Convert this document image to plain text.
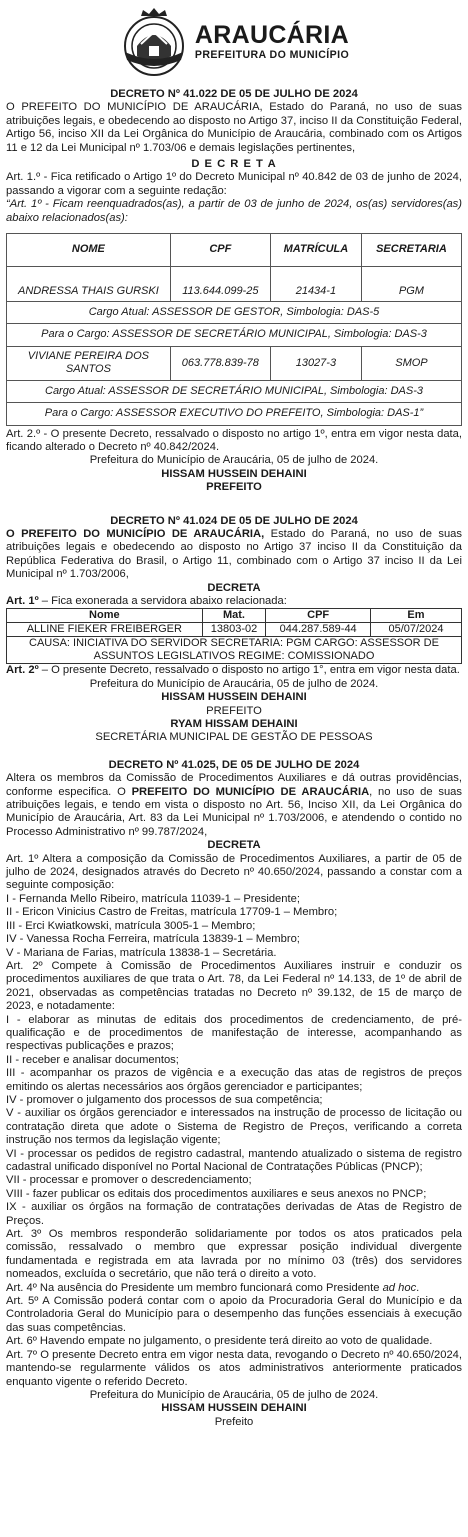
ARAUCÁRIA
PREFEITURA DO MUNICÍPIO
DECRETO Nº 41.022 DE 05 DE JULHO DE 2024

O PREFEITO DO MUNICÍPIO DE ARAUCÁRIA, Estado do Paraná, no uso de suas atribuições legais, e obedecendo ao disposto no Artigo 37, inciso II da Constituição Federal, Artigo 56, inciso XII da Lei Orgânica do Município de Araucária, combinado com os Artigos 11 e 12 da Lei Municipal nº 1.703/06 e demais legislações pertinentes,

D E C R E T A

Art. 1.º - Fica retificado o Artigo 1º do Decreto Municipal nº 40.842 de 03 de junho de 2024, passando a vigorar com a seguinte redação:

“Art. 1º - Ficam reenquadrados(as), a partir de 03 de junho de 2024, os(as) servidores(as) abaixo relacionados(as):

NOME	CPF	MATRÍCULA	SECRETARIA
ANDRESSA THAIS GURSKI	113.644.099-25	21434-1	PGM
Cargo Atual: ASSESSOR DE GESTOR, Simbologia: DAS-5			
Para o Cargo: ASSESSOR DE SECRETÁRIO MUNICIPAL, Simbologia: DAS-3			
VIVIANE PEREIRA DOS SANTOS	063.778.839-78	13027-3	SMOP
Cargo Atual: ASSESSOR DE SECRETÁRIO MUNICIPAL, Simbologia: DAS-3			
Para o Cargo: ASSESSOR EXECUTIVO DO PREFEITO, Simbologia: DAS-1”			

Art. 2.º - O presente Decreto, ressalvado o disposto no artigo 1º, entra em vigor nesta data, ficando alterado o Decreto nº 40.842/2024.

Prefeitura do Município de Araucária, 05 de julho de 2024.
HISSAM HUSSEIN DEHAINI
PREFEITO
DECRETO Nº 41.024 DE 05 DE JULHO DE 2024

O PREFEITO DO MUNICÍPIO DE ARAUCÁRIA, Estado do Paraná, no uso de suas atribuições legais e obedecendo ao disposto no Artigo 37 inciso II da Constituição da República Federativa do Brasil, o Artigo 11, combinado com o Artigo 37 inciso II da Lei Municipal nº 1.703/2006,

DECRETA

Art. 1º – Fica exonerada a servidora abaixo relacionada:

Nome	Mat.	CPF	Em
ALLINE FIEKER FREIBERGER	13803-02	044.287.589-44	05/07/2024
CAUSA: INICIATIVA DO SERVIDOR SECRETARIA: PGM CARGO: ASSESSOR DE ASSUNTOS LEGISLATIVOS REGIME: COMISSIONADO			

Art. 2º – O presente Decreto, ressalvado o disposto no artigo 1°, entra em vigor nesta data.

Prefeitura do Município de Araucária, 05 de julho de 2024.
HISSAM HUSSEIN DEHAINI
PREFEITO
RYAM HISSAM DEHAINI
SECRETÁRIA MUNICIPAL DE GESTÃO DE PESSOAS
DECRETO Nº 41.025, DE 05 DE JULHO DE 2024

Altera os membros da Comissão de Procedimentos Auxiliares e dá outras providências, conforme especifica. O PREFEITO DO MUNICÍPIO DE ARAUCÁRIA, no uso de suas atribuições legais, e tendo em vista o disposto no Art. 56, Inciso XII, da Lei Orgânica do Município de Araucária, Art. 83 da Lei Municipal nº 1.703/2006, e atendendo o contido no Processo Administrativo nº 99.787/2024,

DECRETA

Art. 1º Altera a composição da Comissão de Procedimentos Auxiliares, a partir de 05 de julho de 2024, designados através do Decreto nº 40.650/2024, passando a constar com a seguinte composição:

I - Fernanda Mello Ribeiro, matrícula 11039-1 – Presidente;

II - Ericon Vinicius Castro de Freitas, matrícula 17709-1 – Membro;

III - Erci Kwiatkowski, matrícula 3005-1 – Membro;

IV - Vanessa Rocha Ferreira, matrícula 13839-1 – Membro;

V - Mariana de Farias, matrícula 13838-1 – Secretária.

Art. 2º Compete à Comissão de Procedimentos Auxiliares instruir e conduzir os procedimentos auxiliares de que trata o Art. 78, da Lei Federal nº 14.133, de 1º de abril de 2021, observadas as competências tratadas no Decreto nº 39.132, de 15 de março de 2023, e notadamente:

I - elaborar as minutas de editais dos procedimentos de credenciamento, de pré-qualificação e de procedimentos de manifestação de interesse, acompanhando as respectivas publicações e prazos;

II - receber e analisar documentos;

III - acompanhar os prazos de vigência e a execução das atas de registros de preços emitindo os alertas necessários aos órgãos gerenciador e participantes;

IV - promover o julgamento dos processos de sua competência;

V - auxiliar os órgãos gerenciador e interessados na instrução de processo de licitação ou contratação direta que adote o Sistema de Registro de Preços, verificando a correta instrução nos termos da legislação vigente;

VI - processar os pedidos de registro cadastral, mantendo atualizado o sistema de registro cadastral unificado disponível no Portal Nacional de Contratações Públicas (PNCP);

VII - processar e promover o descredenciamento;

VIII - fazer publicar os editais dos procedimentos auxiliares e seus anexos no PNCP;

IX - auxiliar os órgãos na formação de contratações derivadas de Atas de Registro de Preços.

Art. 3º Os membros responderão solidariamente por todos os atos praticados pela comissão, ressalvado o membro que expressar posição individual divergente fundamentada e registrada em ata lavrada por no mínimo 03 (três) dos servidores nomeados, excluída o secretário, que não terá o direito a voto.

Art. 4º Na ausência do Presidente um membro funcionará como Presidente ad hoc.

Art. 5º A Comissão poderá contar com o apoio da Procuradoria Geral do Município e da Controladoria Geral do Município para o desempenho das funções essenciais à execução das suas competências.

Art. 6º Havendo empate no julgamento, o presidente terá direito ao voto de qualidade.

Art. 7º O presente Decreto entra em vigor nesta data, revogando o Decreto nº 40.650/2024, mantendo-se regularmente válidos os atos administrativos anteriormente praticados enquanto vigente o referido Decreto.

Prefeitura do Município de Araucária, 05 de julho de 2024.
HISSAM HUSSEIN DEHAINI
Prefeito
